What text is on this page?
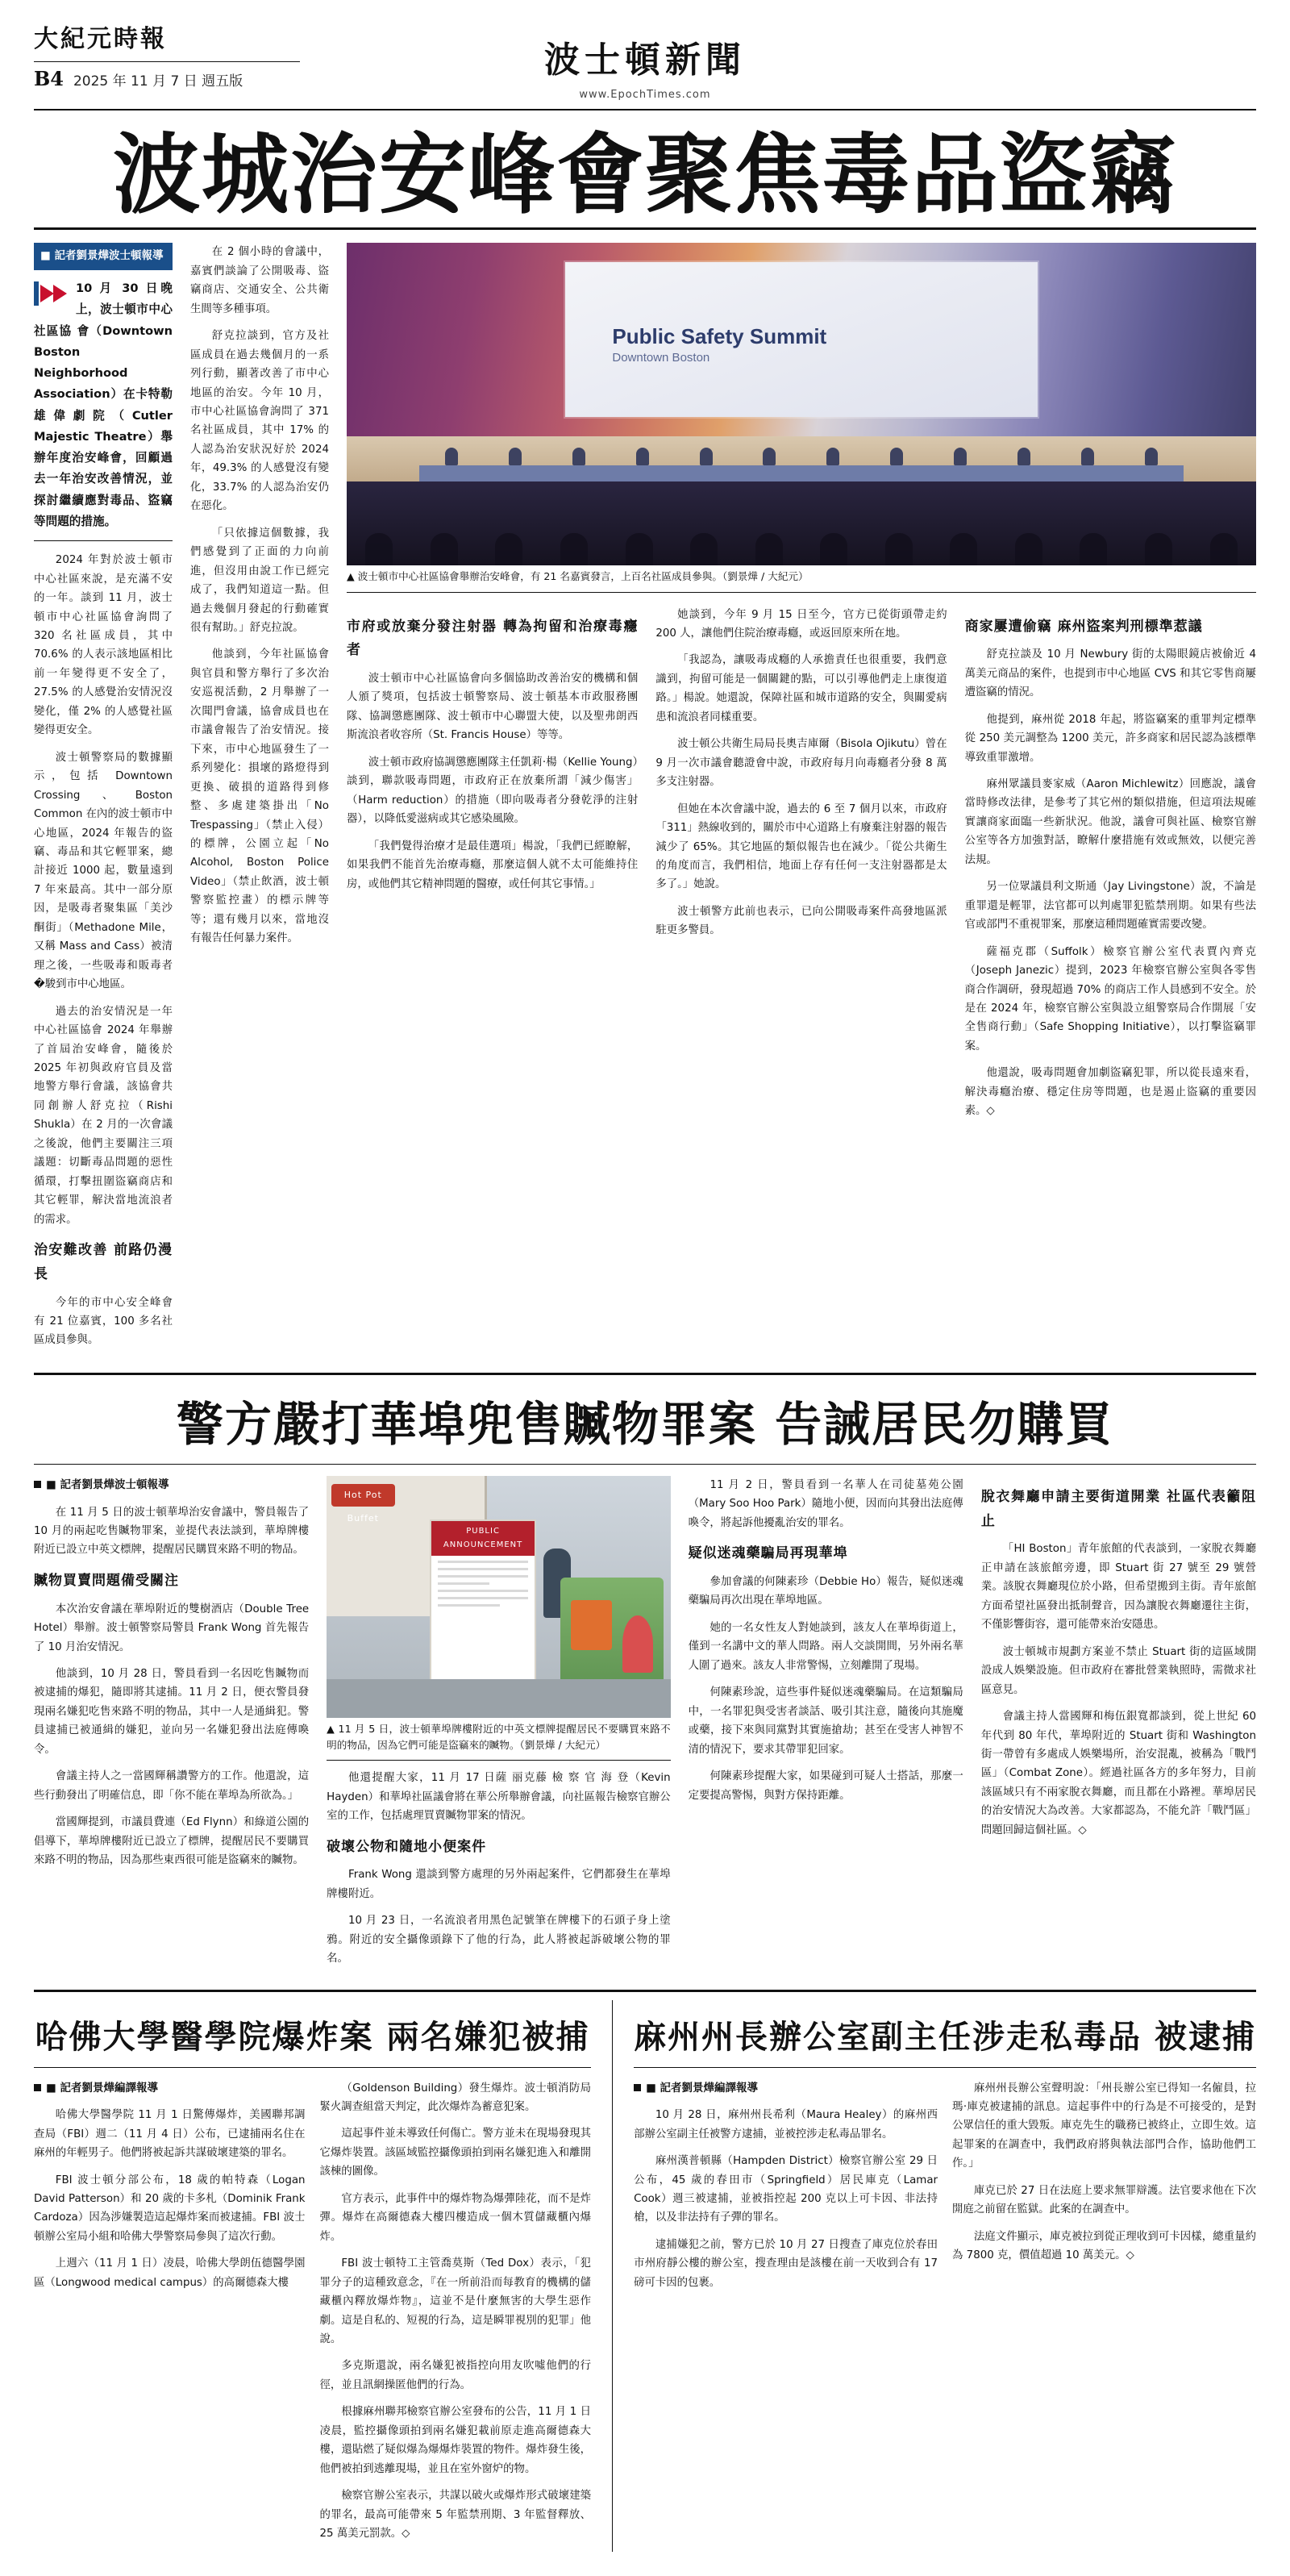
大紀元時報
B4 2025 年 11 月 7 日 週五版
波士頓新聞
www.EpochTimes.com
波城治安峰會聚焦毒品盜竊
■ 記者劉景燁波士頓報導
10 月 30 日晚上，波士頓市中心社區協 會（Downtown Boston Neighborhood Association）在卡特勒雄偉劇院（Cutler Majestic Theatre）舉辦年度治安峰會，回顧過去一年治安改善情況，並探討繼續應對毒品、盜竊等問題的措施。

2024 年對於波士頓市中心社區來說，是充滿不安的一年。談到 11 月，波士頓市中心社區協會詢問了 320 名社區成員，其中 70.6% 的人表示該地區相比前一年變得更不安全了，27.5% 的人感覺治安情況沒變化，僅 2% 的人感覺社區變得更安全。

波士頓警察局的數據顯示，包括 Downtown Crossing、Boston Common 在內的波士頓市中心地區，2024 年報告的盜竊、毒品和其它輕罪案，總計接近 1000 起，數量遠到 7 年來最高。其中一部分原因，是吸毒者聚集區「美沙酮街」（Methadone Mile，又稱 Mass and Cass）被清理之後，一些吸毒和販毒者�駿到市中心地區。

過去的治安情況是一年中心社區協會 2024 年舉辦了首屆治安峰會，隨後於 2025 年初與政府官員及當地警方舉行會議，該協會共同創辦人舒克拉（Rishi Shukla）在 2 月的一次會議之後說，他們主要關注三項議題：切斷毒品問題的惡性循環，打擊扭圍盜竊商店和其它輕罪，解決當地流浪者的需求。

治安難改善 前路仍漫長

今年的市中心安全峰會有 21 位嘉賓，100 多名社區成員參與。

在 2 個小時的會議中，嘉賓們談論了公開吸毒、盜竊商店、交通安全、公共衛生間等多種事項。

舒克拉談到，官方及社區成員在過去幾個月的一系列行動，顯著改善了市中心地區的治安。今年 10 月，市中心社區協會詢問了 371 名社區成員，其中 17% 的人認為治安狀況好於 2024 年，49.3% 的人感覺沒有變化，33.7% 的人認為治安仍在惡化。

「只依據這個數據，我們感覺到了正面的力向前進，但沒用由說工作已經完成了，我們知道這一點。但過去幾個月發起的行動確實很有幫助。」舒克拉說。

他談到，今年社區協會與官員和警方舉行了多次治安巡視活動，2 月舉辦了一次聞門會議，協會成員也在市議會報告了治安情況。接下來，市中心地區發生了一系列變化：損壞的路燈得到更換、破損的道路得到修整、多處建築掛出「No Trespassing」（禁止入侵）的標牌，公園立起「No Alcohol, Boston Police Video」（禁止飲酒，波士頓警察監控畫）的標示牌等等；還有幾月以來，當地沒有報告任何暴力案件。

Public Safety Summit
Downtown Boston
▲ 波士頓市中心社區協會舉辦治安峰會，有 21 名嘉賓發言，上百名社區成員參與。（劉景燁 / 大紀元）
市府或放棄分發注射器 轉為拘留和治療毒癮者

波士頓市中心社區協會向多個協助改善治安的機構和個人頒了獎項，包括波士頓警察局、波士頓基本市政服務團隊、協調懲應團隊、波士頓市中心聯盟大使，以及聖弗朗西斯流浪者收容所（St. Francis House）等等。

波士頓市政府協調懲應團隊主任凱莉·楊（Kellie Young）談到，聯款吸毒問題，市政府正在放棄所謂「減少傷害」（Harm reduction）的措施（即向吸毒者分發乾淨的注射器），以降低愛滋病或其它感染風險。

「我們覺得治療才是最佳選項」楊說，「我們已經瞭解，如果我們不能首先治療毒癮，那麼這個人就不太可能維持住房，或他們其它精神問題的醫療，或任何其它事情。」

她談到，今年 9 月 15 日至今，官方已從街頭帶走約 200 人，讓他們住院治療毒癮，或返回原來所在地。

「我認為，讓吸毒成癮的人承擔責任也很重要，我們意識到，拘留可能是一個關鍵的點，可以引導他們走上康復道路。」楊說。她還說，保障社區和城市道路的安全，與關愛病患和流浪者同樣重要。

波士頓公共衛生局局長奧吉庫爾（Bisola Ojikutu）曾在 9 月一次市議會聽證會中說，市政府每月向毒癮者分發 8 萬多支注射器。

但她在本次會議中說，過去的 6 至 7 個月以來，市政府「311」熱線收到的，關於市中心道路上有廢棄注射器的報告減少了 65%。其它地區的類似報告也在減少。「從公共衛生的角度而言，我們相信，地面上存有任何一支注射器都是太多了。」她說。

波士頓警方此前也表示，已向公開吸毒案件高發地區派駐更多警員。

商家屢遭偷竊 麻州盜案判刑標準惹議

舒克拉談及 10 月 Newbury 街的太陽眼鏡店被偷近 4 萬美元商品的案件，也提到市中心地區 CVS 和其它零售商屢遭盜竊的情況。

他提到，麻州從 2018 年起，將盜竊案的重罪判定標準從 250 美元調整為 1200 美元，許多商家和居民認為該標準導致重罪激增。

麻州眾議員麥家威（Aaron Michlewitz）回應說，議會當時修改法律，是參考了其它州的類似措施，但這項法規確實讓商家面臨一些新狀況。他說，議會可與社區、檢察官辦公室等各方加強對話，瞭解什麼措施有效或無效，以便完善法規。

另一位眾議員利文斯通（Jay Livingstone）說，不論是重罪還是輕罪，法官都可以判處罪犯監禁刑期。如果有些法官或部門不重視罪案，那麼這種問題確實需要改變。

薩福克郡（Suffolk）檢察官辦公室代表賈內齊克（Joseph Janezic）提到，2023 年檢察官辦公室與各零售商合作調研，發現超過 70% 的商店工作人員感到不安全。於是在 2024 年，檢察官辦公室與設立組警察局合作開展「安全售商行動」（Safe Shopping Initiative），以打擊盜竊罪案。

他還說，吸毒問題會加劇盜竊犯罪，所以從長遠來看，解決毒癮治療、穩定住房等問題，也是遏止盜竊的重要因素。◇

警方嚴打華埠兜售贓物罪案 告誡居民勿購買
■ 記者劉景燁波士頓報導

在 11 月 5 日的波士頓華埠治安會議中，警員報告了 10 月的兩起吃售贓物罪案，並提代表法談到，華埠牌樓附近已設立中英文標牌，提醒居民購買來路不明的物品。

贓物買賣問題備受關注

本次治安會議在華埠附近的雙樹酒店（Double Tree Hotel）舉辦。波士頓警察局警員 Frank Wong 首先報告了 10 月治安情況。

他談到，10 月 28 日，警員看到一名因吃售贓物而被逮捕的爆犯，隨即將其逮捕。11 月 2 日，便衣警員發現兩名嫌犯吃售來路不明的物品，其中一人是通緝犯。警員逮捕已被通緝的嫌犯，並向另一名嫌犯發出法庭傳喚令。

會議主持人之一當國輝稱讚警方的工作。他還說，這些行動發出了明確信息，即「你不能在華埠為所欲為。」

當國輝提到，市議員費連（Ed Flynn）和綠道公園的倡導下，華埠牌樓附近已設立了標牌，提醒居民不要購買來路不明的物品，因為那些東西很可能是盜竊來的贓物。

Hot Pot Buffet
PUBLIC ANNOUNCEMENT
▲ 11 月 5 日，波士頓華埠牌樓附近的中英文標牌提醒居民不要購買來路不明的物品，因為它們可能是盜竊來的贓物。（劉景燁 / 大紀元）

他還提醒大家，11 月 17 日薩 丽克藤 檢 察 官 海 登（Kevin Hayden）和華埠社區議會將在華公所舉辦會議，向社區報告檢察官辦公室的工作，包括處理買賣贓物罪案的情況。

破壞公物和隨地小便案件

Frank Wong 還談到警方處理的另外兩起案件，它們都發生在華埠牌樓附近。

10 月 23 日，一名流浪者用黑色記號筆在牌樓下的石頭子身上塗鴉。附近的安全攝像頭錄下了他的行為，此人將被起訴破壞公物的罪名。

11 月 2 日，警員看到一名華人在司徒墓苑公園（Mary Soo Hoo Park）隨地小便，因而向其發出法庭傳喚令，將起訴他擾亂治安的罪名。

疑似迷魂藥騙局再現華埠

參加會議的何陳素珍（Debbie Ho）報告，疑似迷魂藥騙局再次出現在華埠地區。

她的一名女性友人對她談到，該友人在華埠街道上，僅到一名講中文的華人問路。兩人交談開間，另外兩名華人圍了過來。該友人非常警惕，立刻離開了現場。

何陳素珍說，這些事件疑似迷魂藥騙局。在這類騙局中，一名罪犯與受害者談話、吸引其注意，隨後向其施魔或藥，接下來與同黨對其實施搶劫；甚至在受害人神智不清的情況下，要求其帶罪犯回家。

何陳素珍提醒大家，如果碰到可疑人士搭話，那麼一定要提高警惕，與對方保持距離。

脫衣舞廳申請主要街道開業 社區代表籲阻止

「HI Boston」青年旅館的代表談到，一家脫衣舞廳正申請在該旅館旁邊，即 Stuart 街 27 號至 29 號營業。該脫衣舞廳現位於小路，但希望搬到主街。青年旅館方面希望社區發出抵制聲音，因為讓脫衣舞廳遷往主街，不僅影響街容，還可能帶來治安隱患。

波士頓城市規劃方案並不禁止 Stuart 街的這區域開設成人娛樂設施。但市政府在審批營業執照時，需微求社區意見。

會議主持人當國輝和梅伍銀寬都談到，從上世紀 60 年代到 80 年代，華埠附近的 Stuart 街和 Washington 街一帶曾有多處成人娛樂場所，治安混亂，被稱為「戰鬥區」（Combat Zone）。經過社區各方的多年努力，目前該區域只有不兩家脫衣舞廳，而且都在小路裡。華埠居民的治安情況大為改善。大家都認為，不能允許「戰鬥區」問題回歸這個社區。◇

哈佛大學醫學院爆炸案 兩名嫌犯被捕
■ 記者劉景燁編譯報導

哈佛大學醫學院 11 月 1 日驚傳爆炸，美國聯邦調查局（FBI）週二（11 月 4 日）公布，已逮捕兩名住在麻州的年輕男子。他們將被起訴共謀破壞建築的罪名。

FBI 波士頓分部公布，18 歲的帕特森（Logan David Patterson）和 20 歲的卡多札（Dominik Frank Cardoza）因為涉嫌製造這起爆炸案而被逮捕。FBI 波士頓辦公室局小組和哈佛大學警察局參與了這次行動。

上週六（11 月 1 日）凌晨，哈佛大學朗伍德醫學園區（Longwood medical campus）的高爾德森大樓

（Goldenson Building）發生爆炸。波士頓消防局緊火調查組當天判定，此次爆炸為蓄意犯案。

這起事件並未導致任何傷亡。警方並未在現場發現其它爆炸裝置。該區域監控攝像頭拍到兩名嫌犯進入和離開該棟的圖像。

官方表示，此事件中的爆炸物為爆彈陸花，而不是炸彈。爆炸在高爾德森大樓四樓造成一個木質儲藏櫃內爆炸。

FBI 波士頓特工主管喬莫斯（Ted Dox）表示，「犯罪分子的這種致意念，『在一所前沿而每教育的機構的儲藏櫃內釋放爆炸物』，這並不是什麼無害的大學生惡作劇。這是自私的、短視的行為，這是瞬罪視別的犯罪」他說。

多克斯還說，兩名嫌犯被指控向用友吹噓他們的行徑，並且訊網操匿他們的行為。

根據麻州聯邦檢察官辦公室發布的公告，11 月 1 日凌晨，監控攝像頭拍到兩名嫌犯載前原走進高爾德森大樓，還貼燃了疑似爆為爆爆炸裝置的物件。爆炸發生後，他們被拍到逃離現場，並且在室外窗炉的物。

檢察官辦公室表示，共謀以破火或爆炸形式破壞建築的罪名，最高可能帶來 5 年監禁刑期、3 年監督釋放、25 萬美元罰款。◇

麻州州長辦公室副主任涉走私毒品 被逮捕
■ 記者劉景燁編譯報導

10 月 28 日，麻州州長希利（Maura Healey）的麻州西部辦公室副主任被警方逮捕，並被控涉走私毒品罪名。

麻州漢普頓縣（Hampden District）檢察官辦公室 29 日公布，45 歲的春田市（Springfield）居民庫克（Lamar Cook）週三被逮捕，並被指控起 200 克以上可卡因、非法持槍，以及非法持有子彈的罪名。

逮捕嫌犯之前，警方已於 10 月 27 日搜查了庫克位於春田市州府靜公樓的辦公室，搜查理由是該樓在前一天收到合有 17 磅可卡因的包裹。

麻州州長辦公室聲明說：「州長辦公室已得知一名僱員，拉瑪·庫克被逮捕的訊息。這起事件中的行為是不可接受的，是對公眾信任的重大毀叛。庫克先生的職務已被終止，立即生效。這起罪案的在調查中，我們政府將與執法部門合作，協助他們工作。」

庫克已於 27 日在法庭上要求無罪辯護。法官要求他在下次開庭之前留在監獄。此案的在調查中。

法庭文件顯示，庫克被拉到從正理收到可卡因樣，總重量約為 7800 克，價值超過 10 萬美元。◇
